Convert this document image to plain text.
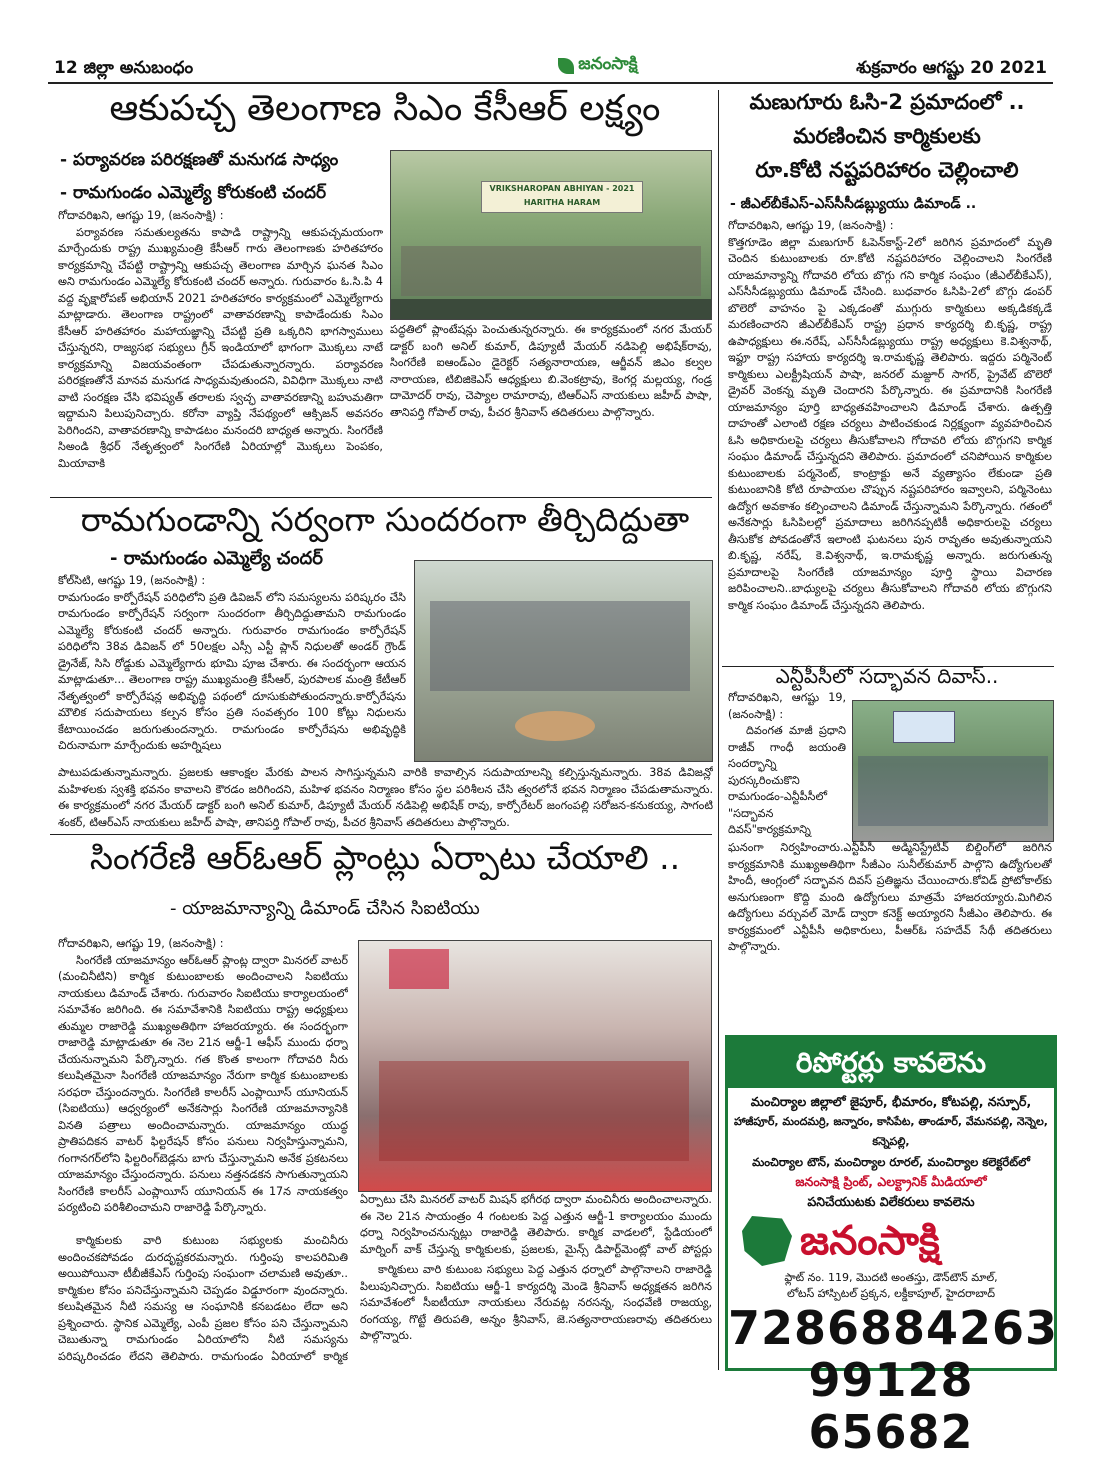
12 జిల్లా అనుబంధం	జనంసాక్షి	శుక్రవారం ఆగష్టు 20 2021
ఆకుపచ్చ తెలంగాణ సిఎం కేసీఆర్ లక్ష్యం
- పర్యావరణ పరిరక్షణతో మనుగడ సాధ్యం
- రామగుండం ఎమ్మెల్యే కోరుకంటి చందర్

గోదావరిఖని, ఆగష్టు 19, (జనంసాక్షి) :

పర్యావరణ సమతుల్యతను కాపాడి రాష్ట్రాన్ని ఆకుపచ్చమయంగా మార్చేందుకు రాష్ట్ర ముఖ్యమంత్రి కేసీఆర్ గారు తెలంగాణకు హరితహారం కార్యక్రమాన్ని చేపట్టి రాష్ట్రాన్ని ఆకుపచ్చ తెలంగాణ మార్చిన ఘనత సిఎం అని రామగుండం ఎమ్మెల్యే కోరుకంటి చందర్ అన్నారు. గురువారం ఓ.సి.పి 4 వద్ద వృక్షారోపణ్ అభియాన్ 2021 హరితహారం కార్యక్రమంలో ఎమ్మెల్యేగారు మాట్లాడారు. తెలంగాణ రాష్ట్రంలో వాతావరణాన్ని కాపాడేందుకు సిఎం కేసీఆర్ హరితహారం మహాయజ్ఞాన్ని చేపట్టి ప్రతి ఒక్కరిని భాగస్వాములు చేస్తున్నరని, రాజ్యసభ సభ్యులు గ్రీన్ ఇండియాలో భాగంగా మొక్కలు నాటే కార్యక్రమాన్ని విజయవంతంగా చేపడుతున్నారన్నారు. పర్యావరణ పరిరక్షణతోనే మానవ మనుగడ సాధ్యమవుతుందని, వివిధిగా మొక్కలు నాటి వాటి సంరక్షణ చేసి భవిష్యత్ తరాలకు స్వచ్ఛ వాతావరణాన్ని బహుమతిగా ఇద్దామని పిలుపునిచ్చారు. కరోనా వ్యాప్తి నేపథ్యంలో ఆక్సిజన్ అవసరం పెరిగిందని, వాతావరణాన్ని కాపాడటం మనందరి బాధ్యత అన్నారు. సింగరేణి సిఅండి శ్రీధర్ నేతృత్వంలో సింగరేణి ఏరియాల్లో మొక్కలు పెంపకం, మియావాకి

VRIKSHAROPAN ABHIYAN - 2021 HARITHA HARAM

పద్ధతిలో ప్లాంటేషన్లు పెంచుతున్నరన్నారు. ఈ కార్యక్రమంలో నగర మేయర్ డాక్టర్ బంగి అనిల్ కుమార్, డిప్యూటీ మేయర్ నడిపెల్లి అభిషేక్‌రావు, సింగరేణి ఐఆండ్ఎం డైరెక్టర్ సత్యనారాయణ, ఆర్జీవన్ జిఎం కల్వల నారాయణ, టిబిజికెఎస్ ఆధ్యక్షులు బి.వెంకట్రావు, కెంగర్ల మల్లయ్య, గండ్ర దామోదర్ రావు, చెప్యాల రామారావు, టిఆర్ఎస్ నాయకులు జహీద్ పాషా, తానిపర్తి గోపాల్ రావు, పీచర శ్రీనివాస్ తదితరులు పాల్గొన్నారు.

రామగుండాన్ని సర్వంగా సుందరంగా తీర్చిదిద్దుతా
- రామగుండం ఎమ్మెల్యే చందర్

కోల్‌సిటి, ఆగష్టు 19, (జనంసాక్షి) :

రామగుండం కార్పోరేషన్ పరిధిలోని ప్రతి డివిజన్ లోని సమస్యలను పరిష్కరం చేసి రామగుండం కార్పోరేషన్ సర్వంగా సుందరంగా తీర్చిదిద్దుతామని రామగుండం ఎమ్మెల్యే కోరుకంటి చందర్ అన్నారు. గురువారం రామగుండం కార్పోరేషన్ పరిధిలోని 38వ డివిజన్ లో 50లక్షల ఎస్సీ ఎస్టీ ప్లాన్ నిధులతో అండర్ గ్రౌండ్ డ్రైనేజ్, సిసి రోడ్డుకు ఎమ్మెల్యేగారు భూమి పూజ చేశారు. ఈ సందర్భంగా ఆయన మాట్లాడుతూ... తెలంగాణ రాష్ట్ర ముఖ్యమంత్రి కేసీఆర్, పురపాలక మంత్రి కేటీఆర్ నేతృత్వంలో కార్పోరేషన్ల అభివృద్ధి పథంలో దూసుకుపోతుందన్నారు.కార్పోరేషను మౌలిక సదుపాయలు కల్పన కోసం ప్రతి సంవత్సరం 100 కోట్లు నిధులను కేటాయించడం జరుగుతుందన్నారు. రామగుండం కార్పోరేషను అభివృద్ధికి చిరునామగా మార్చేందుకు అహర్నిషలు

పాటుపడుతున్నామన్నారు. ప్రజలకు ఆకాంక్షల మేరకు పాలన సాగిస్తున్నమని వారికి కావాల్సిన సదుపాయాలన్ని కల్పిస్తున్నమన్నారు. 38వ డివిజన్లో మహిళలకు స్వశక్తి భవనం కావాలని కౌరడం జరిగిందని, మహిళ భవనం నిర్మాణం కోసం స్థల పరిశీలన చేసి త్వరలోనే భవన నిర్మాణం చేపడుతామన్నారు. ఈ కార్యక్రమంలో నగర మేయర్ డాక్టర్ బంగి అనిల్ కుమార్, డిప్యూటీ మేయర్ నడిపెల్లి అభిషేక్ రావు, కార్పోరేటర్ జంగంపల్లి సరోజన-కనుకయ్య, సాగంటి శంకర్, టిఆర్ఎస్ నాయకులు జహీద్ పాషా, తానిపర్తి గోపాల్ రావు, పీచర శ్రీనివాస్ తదితరులు పాల్గొన్నారు.

సింగరేణి ఆర్ఓఆర్ ప్లాంట్లు ఏర్పాటు చేయాలి ..
- యాజమాన్యాన్ని డిమాండ్ చేసిన సిఐటియు

గోదావరిఖని, ఆగష్టు 19, (జనంసాక్షి) :

సింగరేణి యాజమాన్యం ఆర్ఓఆర్ ప్లాంట్ల ద్వారా మినరల్ వాటర్ (మంచినీటిని) కార్మిక కుటుంబాలకు అందించాలని సిఐటియు నాయకులు డిమాండ్ చేశారు. గురువారం సిఐటియు కార్యాలయంలో సమావేశం జరిగింది. ఈ సమావేశానికి సిఐటియు రాష్ట్ర అధ్యక్షులు తుమ్మల రాజారెడ్డి ముఖ్యఅతిథిగా హాజరయ్యారు. ఈ సందర్భంగా రాజారెడ్డి మాట్లాడుతూ ఈ నెల 21న ఆర్జీ-1 ఆఫీస్ ముందు ధర్నా చేయనున్నామని పేర్కొన్నారు. గత కొంత కాలంగా గోదావరి నీరు కలుషితమైనా సింగరేణి యాజమాన్యం నేరుగా కార్మిక కుటుంబాలకు సరఫరా చేస్తుందన్నారు. సింగరేణి కాలరీస్ ఎంప్లాయీస్ యూనియన్ (సిఐటియు) ఆధ్వర్యంలో అనేకసార్లు సింగరేణి యాజమాన్యానికి వినతి పత్రాలు అందించామన్నారు. యాజమాన్యం యుద్ధ ప్రాతిపదికన వాటర్ ఫిల్టరేషన్ కోసం పనులు నిర్వహిస్తున్నామని, గంగానగర్‌లోని ఫిల్టరింగ్‌బెడ్లను బాగు చేస్తున్నామని అనేక ప్రకటనలు యాజమాన్యం చేస్తుందన్నారు. పనులు నత్తనడకన సాగుతున్నాయని సింగరేణి కాలరీస్ ఎంప్లాయీస్ యూనియన్ ఈ 17న నాయకత్వం పర్యటించి పరిశీలించామని రాజారెడ్డి పేర్కొన్నారు.

కార్మికులకు వారి కుటుంబ సభ్యులకు మంచినీరు అందించకపోవడం దురదృష్టకరమన్నారు. గుర్తింపు కాలపరిమితి అయిపోయినా టీబీజీకేఎస్ గుర్తింపు సంఘంగా చలామణి అవుతూ.. కార్మికుల కోసం పనిచేస్తున్నామని చెప్పడం విడ్డూరంగా వుందన్నారు. కలుషితమైన నీటి సమస్య ఆ సంఘానికి కనబడటం లేదా అని ప్రశ్నించారు. స్థానిక ఎమ్మెల్యే, ఎంపీ ప్రజల కోసం పని చేస్తున్నామని చెబుతున్నా రామగుండం ఏరియాలోని నీటి సమస్యను పరిష్కరించడం లేదని తెలిపారు. రామగుండం ఏరియాలో కార్మిక

ఏర్పాటు చేసి మినరల్ వాటర్ మిషన్ భగీరథ ద్వారా మంచినీరు అందించాలన్నారు. ఈ నెల 21న సాయంత్రం 4 గంటలకు పెద్ద ఎత్తున ఆర్జీ-1 కార్యాలయం ముందు ధర్నా నిర్వహించనున్నట్లు రాజారెడ్డి తెలిపారు. కార్మిక వాడలలో, స్టేడియంలో మార్నింగ్ వాక్ చేస్తున్న కార్మికులకు, ప్రజలకు, మైన్స్ డిపార్ట్‌మెంట్లో వాల్ పోస్టర్లు

కార్మికులు వారి కుటుంబ సభ్యులు పెద్ద ఎత్తున ధర్నాలో పాల్గొనాలని రాజారెడ్డి పిలుపునిచ్చారు. సిఐటియు ఆర్జీ-1 కార్యదర్శి మెండె శ్రీనివాస్ అధ్యక్షతన జరిగిన సమావేశంలో సీఐటీయూ నాయకులు నేరువట్ల నరసన్న, సంధవేణి రాజయ్య, రంగయ్య, గొట్టే తిరుపతి, అన్నం శ్రీనివాస్, జె.సత్యనారాయణరావు తదితరులు పాల్గొన్నారు.

మణుగూరు ఓసి-2 ప్రమాదంలో ..
మరణించిన కార్మికులకు
రూ.కోటి నష్టపరిహారం చెల్లించాలి
- జీఎల్‌బీకేఎస్-ఎస్‌సీసీడబ్ల్యుయు డిమాండ్ ..

గోదావరిఖని, ఆగష్టు 19, (జనంసాక్షి) :

కొత్తగూడెం జిల్లా మణుగూర్ ఓపెన్‌కాస్ట్-2లో జరిగిన ప్రమాదంలో మృతి చెందిన కుటుంబాలకు రూ.కోటి నష్టపరిహారం చెల్లించాలని సింగరేణి యాజమాన్యాన్ని గోదావరి లోయ బొగ్గు గని కార్మిక సంఘం (జీఎల్‌బీకేఎస్), ఎస్‌సీసీడబ్ల్యుయు డిమాండ్ చేసింది. బుధవారం ఓసిపి-2లో బొగ్గు డంపర్ బొలెరో వాహనం పై ఎక్కడంతో ముగ్గురు కార్మికులు అక్కడికక్కడే మరణించారని జీఎల్‌బీకేఎస్ రాష్ట్ర ప్రధాన కార్యదర్శి బి.కృష్ణ, రాష్ట్ర ఉపాధ్యక్షులు ఈ.నరేష్, ఎస్‌సీసీడబ్ల్యుయు రాష్ట్ర అధ్యక్షులు కె.విశ్వనాథ్, ఇఫ్టూ రాష్ట్ర సహాయ కార్యదర్శి ఇ.రామకృష్ణ తెలిపారు. ఇద్దరు పర్మినెంట్ కార్మికులు ఎలక్ట్రీషియన్ పాషా, జనరల్ మజ్దూర్ సాగర్, ప్రైవేట్ బొలెరో డ్రైవర్ వెంకన్న మృతి చెందారని పేర్కొన్నారు. ఈ ప్రమాదానికి సింగరేణి యాజమాన్యం పూర్తి బాధ్యతవహించాలని డిమాండ్ చేశారు. ఉత్పత్తి దాహంతో ఎలాంటి రక్షణ చర్యలు పాటించకుండ నిర్లక్ష్యంగా వ్యవహరించిన ఓసి అధికారులపై చర్యలు తీసుకోవాలని గోదావరి లోయ బొగ్గుగని కార్మిక సంఘం డిమాండ్ చేస్తున్నదని తెలిపారు. ప్రమాదంలో చనిపోయిన కార్మికుల కుటుంబాలకు పర్మనెంట్, కాంట్రాక్టు అనే వ్యత్యాసం లేకుండా ప్రతి కుటుంబానికి కోటి రూపాయల చొప్పున నష్టపరిహారం ఇవ్వాలని, పర్మినెంటు ఉద్యోగ అవకాశం కల్పించాలని డిమాండ్ చేస్తున్నామని పేర్కొన్నారు. గతంలో అనేకసార్లు ఓసిపిలల్లో ప్రమాదాలు జరిగినప్పటికీ అధికారులపై చర్యలు తీసుకోక పోవడంతోనే ఇలాంటి ఘటనలు పున రావృతం అవుతున్నాయని బి.కృష్ణ, నరేష్, కె.విశ్వనాథ్, ఇ.రామకృష్ణ అన్నారు. జరుగుతున్న ప్రమాదాలపై సింగరేణి యాజమాన్యం పూర్తి స్థాయి విచారణ జరిపించాలని..బాధ్యులపై చర్యలు తీసుకోవాలని గోదావరి లోయ బొగ్గుగని కార్మిక సంఘం డిమాండ్ చేస్తున్నదని తెలిపారు.

ఎన్టీపీసీలో సద్భావన దివాస్..

గోదావరిఖని, ఆగష్టు 19, (జనంసాక్షి) :

దివంగత మాజీ ప్రధాని రాజీవ్ గాంధీ జయంతి సందర్భాన్ని పురస్కరించుకొని రామగుండం-ఎన్టీపీసీలో "సద్భావన దివస్"కార్యక్రమాన్ని

ఘనంగా నిర్వహించారు.ఎన్టీపీసీ అడ్మినిస్ట్రేటివ్ బిల్డింగ్‌లో జరిగిన కార్యక్రమానికి ముఖ్యఅతిథిగా సీజీఎం సునీల్‌కుమార్ పాల్గొని ఉద్యోగులతో హిందీ, ఆంగ్లంలో సద్భావన దివస్ ప్రతిజ్ఞను చేయించారు.కోవిడ్ ప్రోటోకాల్‌కు అనుగుణంగా కొద్ది మంది ఉద్యోగులు మాత్రమే హాజరయ్యారు.మిగిలిన ఉద్యోగులు వర్చువల్ మోడ్ ద్వారా కనెక్ట్ అయ్యారని సీజీఎం తెలిపారు. ఈ కార్యక్రమంలో ఎన్టీపీసీ అధికారులు, పీఆర్ఓ సహదేవ్ సేథీ తదితరులు పాల్గొన్నారు.

రిపోర్టర్లు కావలెను
మంచిర్యాల జిల్లాలో జైపూర్, భీమారం, కోటపల్లి, నస్పూర్,
హాజీపూర్, మందమర్రి, జన్నారం, కాసిపేట, తాండూర్, వేమనపల్లి, నెన్నెల, కన్నెపల్లి,
మంచిర్యాల టౌన్, మంచిర్యాల రూరల్, మంచిర్యాల కలెక్టరేట్‌లో
జనంసాక్షి ప్రింట్, ఎలక్ట్రానిక్ మీడియాలో
పనిచేయుటకు విలేకరులు కావలెను
జనంసాక్షి
ఫ్లాట్ నం. 119, మొదటి అంతస్తు, డౌన్‌టౌన్ మాల్,
లోటస్ హాస్పిటల్ ప్రక్కన, లక్డీకాపూల్, హైదరాబాద్
7286884263
99128 65682
